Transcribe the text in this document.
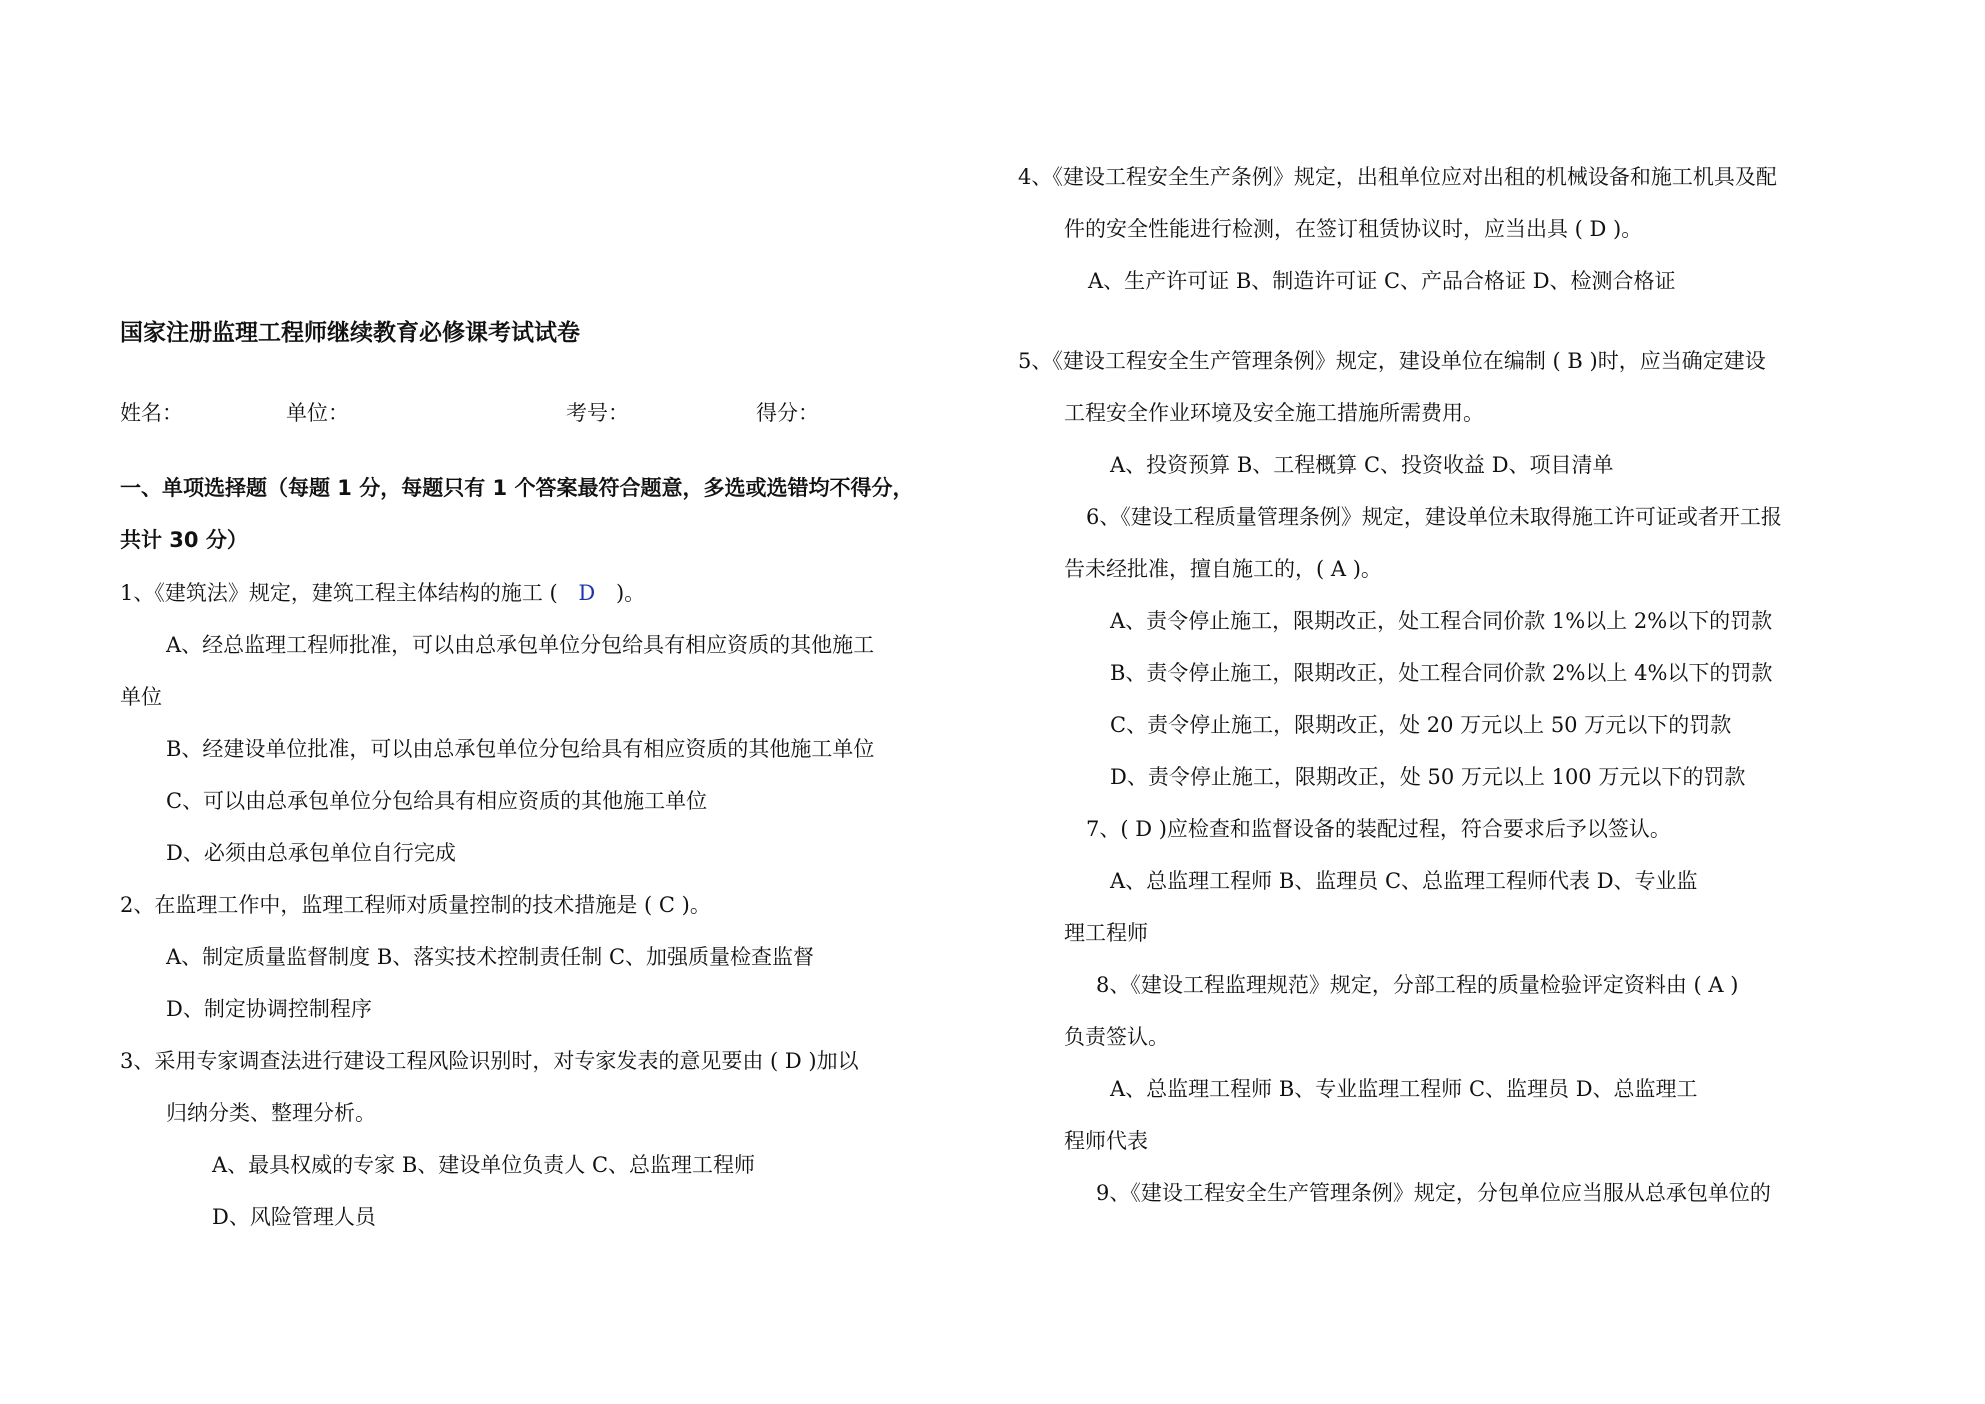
国家注册监理工程师继续教育必修课考试试卷
姓名：	单位：	考号：	得分：
一、单项选择题（每题 1 分，每题只有 1 个答案最符合题意，多选或选错均不得分，
共计 30 分）
1、《建筑法》规定，建筑工程主体结构的施工 ( D )。
A、经总监理工程师批准，可以由总承包单位分包给具有相应资质的其他施工
单位
B、经建设单位批准，可以由总承包单位分包给具有相应资质的其他施工单位
C、可以由总承包单位分包给具有相应资质的其他施工单位
D、必须由总承包单位自行完成
2、在监理工作中，监理工程师对质量控制的技术措施是 ( C )。
A、制定质量监督制度 B、落实技术控制责任制 C、加强质量检查监督
D、制定协调控制程序
3、采用专家调查法进行建设工程风险识别时，对专家发表的意见要由 ( D )加以
归纳分类、整理分析。
A、最具权威的专家 B、建设单位负责人 C、总监理工程师
D、风险管理人员
4、《建设工程安全生产条例》规定，出租单位应对出租的机械设备和施工机具及配
件的安全性能进行检测，在签订租赁协议时，应当出具 ( D )。
A、生产许可证 B、制造许可证 C、产品合格证 D、检测合格证
5、《建设工程安全生产管理条例》规定，建设单位在编制 ( B )时，应当确定建设
工程安全作业环境及安全施工措施所需费用。
A、投资预算 B、工程概算 C、投资收益 D、项目清单
6、《建设工程质量管理条例》规定，建设单位未取得施工许可证或者开工报
告未经批准，擅自施工的，( A )。
A、责令停止施工，限期改正，处工程合同价款 1%以上 2%以下的罚款
B、责令停止施工，限期改正，处工程合同价款 2%以上 4%以下的罚款
C、责令停止施工，限期改正，处 20 万元以上 50 万元以下的罚款
D、责令停止施工，限期改正，处 50 万元以上 100 万元以下的罚款
7、( D )应检查和监督设备的装配过程，符合要求后予以签认。
A、总监理工程师 B、监理员 C、总监理工程师代表 D、专业监
理工程师
8、《建设工程监理规范》规定，分部工程的质量检验评定资料由 ( A )
负责签认。
A、总监理工程师 B、专业监理工程师 C、监理员 D、总监理工
程师代表
9、《建设工程安全生产管理条例》规定，分包单位应当服从总承包单位的
